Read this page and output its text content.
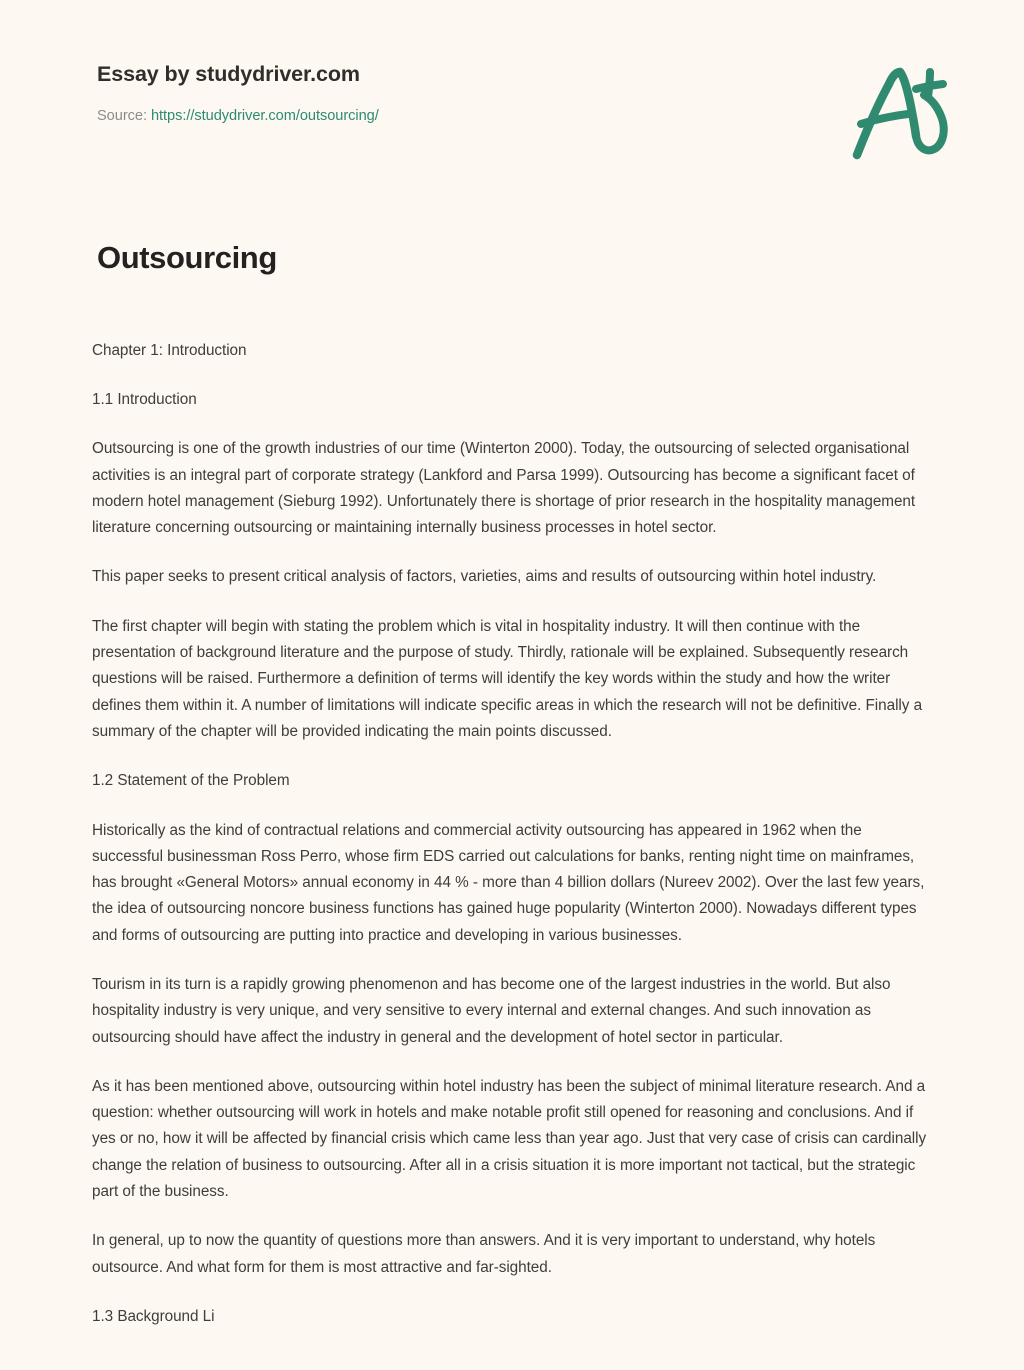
Essay by studydriver.com
Source: https://studydriver.com/outsourcing/
Outsourcing

Chapter 1: Introduction

1.1 Introduction

Outsourcing is one of the growth industries of our time (Winterton 2000). Today, the outsourcing of selected organisational activities is an integral part of corporate strategy (Lankford and Parsa 1999). Outsourcing has become a significant facet of modern hotel management (Sieburg 1992). Unfortunately there is shortage of prior research in the hospitality management literature concerning outsourcing or maintaining internally business processes in hotel sector.

This paper seeks to present critical analysis of factors, varieties, aims and results of outsourcing within hotel industry.

The first chapter will begin with stating the problem which is vital in hospitality industry. It will then continue with the presentation of background literature and the purpose of study. Thirdly, rationale will be explained. Subsequently research questions will be raised. Furthermore a definition of terms will identify the key words within the study and how the writer defines them within it. A number of limitations will indicate specific areas in which the research will not be definitive. Finally a summary of the chapter will be provided indicating the main points discussed.

1.2 Statement of the Problem

Historically as the kind of contractual relations and commercial activity outsourcing has appeared in 1962 when the successful businessman Ross Perro, whose firm EDS carried out calculations for banks, renting night time on mainframes, has brought «General Motors» annual economy in 44 % - more than 4 billion dollars (Nureev 2002). Over the last few years, the idea of outsourcing noncore business functions has gained huge popularity (Winterton 2000). Nowadays different types and forms of outsourcing are putting into practice and developing in various businesses.

Tourism in its turn is a rapidly growing phenomenon and has become one of the largest industries in the world. But also hospitality industry is very unique, and very sensitive to every internal and external changes. And such innovation as outsourcing should have affect the industry in general and the development of hotel sector in particular.

As it has been mentioned above, outsourcing within hotel industry has been the subject of minimal literature research. And a question: whether outsourcing will work in hotels and make notable profit still opened for reasoning and conclusions. And if yes or no, how it will be affected by financial crisis which came less than year ago. Just that very case of crisis can cardinally change the relation of business to outsourcing. After all in a crisis situation it is more important not tactical, but the strategic part of the business.

In general, up to now the quantity of questions more than answers. And it is very important to understand, why hotels outsource. And what form for them is most attractive and far-sighted.

1.3 Background Li
